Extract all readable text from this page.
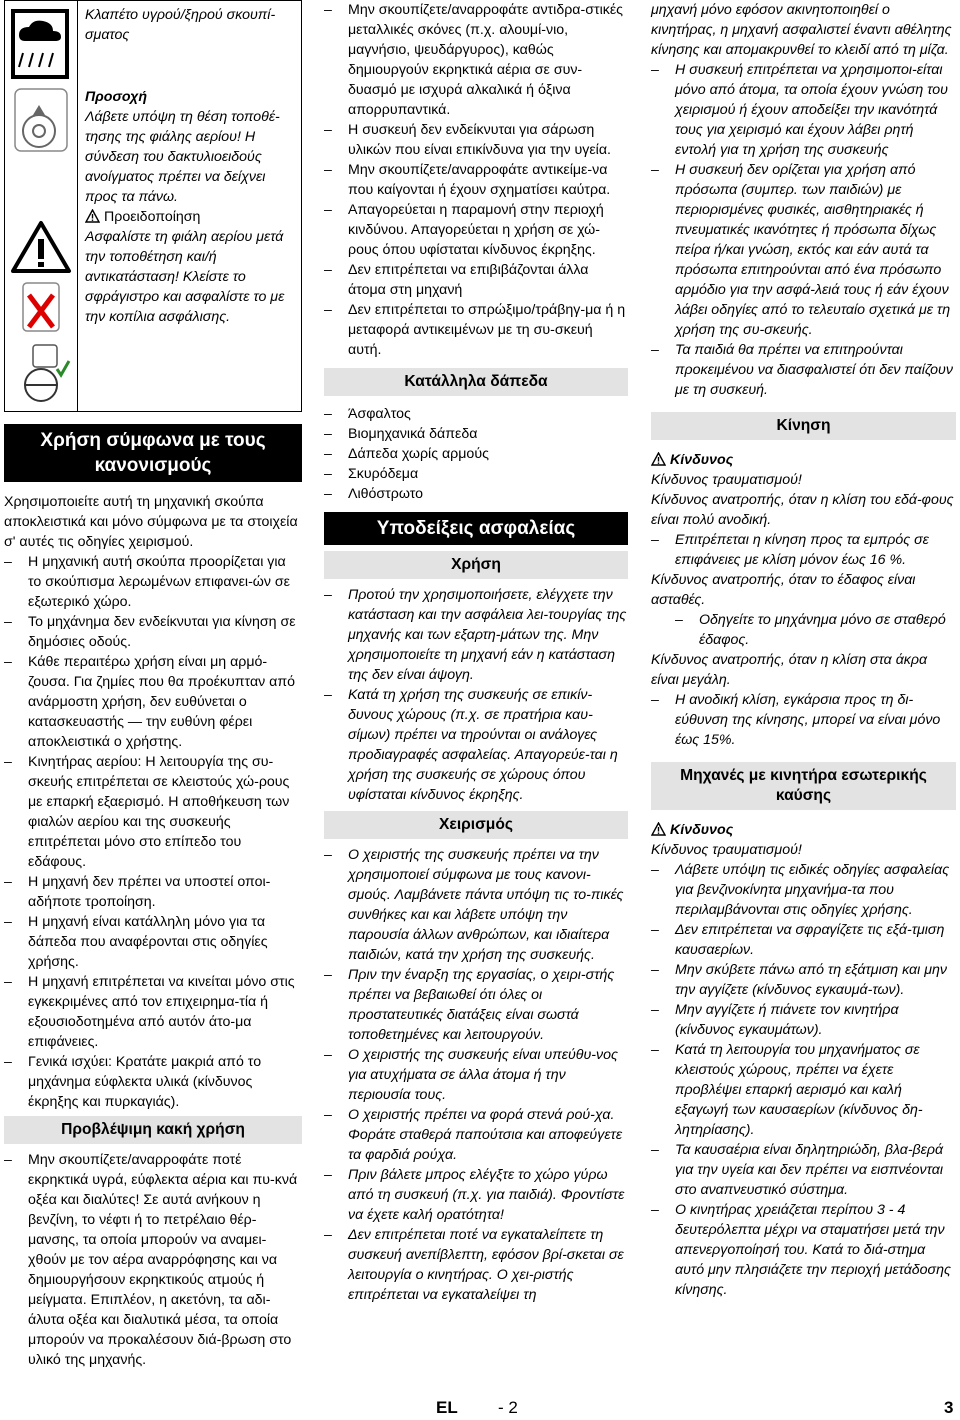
Κλαπέτο υγρού/ξηρού σκουπί-σματος

Προσοχή

Λάβετε υπόψη τη θέση τοποθέ-τησης της φιάλης αερίου! Η σύνδεση του δακτυλιοειδούς ανοίγματος πρέπει να δείχνει προς τα πάνω.

Προειδοποίηση

Ασφαλίστε τη φιάλη αερίου μετά την τοποθέτηση και/ή αντικατάσταση! Κλείστε το σφράγιστρο και ασφαλίστε το με την κοπίλια ασφάλισης.

Χρήση σύμφωνα με τους κανονισμούς

Χρησιμοποιείτε αυτή τη μηχανική σκούπα αποκλειστικά και μόνο σύμφωνα με τα στοιχεία σ' αυτές τις οδηγίες χειρισμού.

– Η μηχανική αυτή σκούπα προορίζεται για το σκούπισμα λερωμένων επιφανει-ών σε εξωτερικό χώρο.

– Το μηχάνημα δεν ενδείκνυται για κίνηση σε δημόσιες οδούς.

– Κάθε περαιτέρω χρήση είναι μη αρμό-ζουσα. Για ζημίες που θα προέκυπταν από ανάρμοστη χρήση, δεν ευθύνεται ο κατασκευαστής — την ευθύνη φέρει αποκλειστικά ο χρήστης.

– Κινητήρας αερίου: Η λειτουργία της συ-σκευής επιτρέπεται σε κλειστούς χώ-ρους με επαρκή εξαερισμό. Η αποθήκευση των φιαλών αερίου και της συσκευής επιτρέπεται μόνο στο επίπεδο του εδάφους.

– Η μηχανή δεν πρέπει να υποστεί οποι-αδήποτε τροποίηση.

– Η μηχανή είναι κατάλληλη μόνο για τα δάπεδα που αναφέρονται στις οδηγίες χρήσης.

– Η μηχανή επιτρέπεται να κινείται μόνο στις εγκεκριμένες από τον επιχειρημα-τία ή εξουσιοδοτημένα από αυτόν άτο-μα επιφάνειες.

– Γενικά ισχύει: Κρατάτε μακριά από το μηχάνημα εύφλεκτα υλικά (κίνδυνος έκρηξης και πυρκαγιάς).

Προβλέψιμη κακή χρήση

– Μην σκουπίζετε/αναρροφάτε ποτέ εκρηκτικά υγρά, εύφλεκτα αέρια και πυ-κνά οξέα και διαλύτες! Σε αυτά ανήκουν η βενζίνη, το νέφτι ή το πετρέλαιο θέρ-μανσης, τα οποία μπορούν να αναμει-χθούν με τον αέρα αναρρόφησης και να δημιουργήσουν εκρηκτικούς ατμούς ή μείγματα. Επιπλέον, η ακετόνη, τα αδι-άλυτα οξέα και διαλυτικά μέσα, τα οποία μπορούν να προκαλέσουν διά-βρωση στο υλικό της μηχανής.

– Μην σκουπίζετε/αναρροφάτε αντιδρα-στικές μεταλλικές σκόνες (π.χ. αλουμί-νιο, μαγνήσιο, ψευδάργυρος), καθώς δημιουργούν εκρηκτικά αέρια σε συν-δυασμό με ισχυρά αλκαλικά ή όξινα απορρυπαντικά.

– Η συσκευή δεν ενδείκνυται για σάρωση υλικών που είναι επικίνδυνα για την υγεία.

– Μην σκουπίζετε/αναρροφάτε αντικείμε-να που καίγονται ή έχουν σχηματίσει καύτρα.

– Απαγορεύεται η παραμονή στην περιοχή κινδύνου. Απαγορεύεται η χρήση σε χώ-ρους όπου υφίσταται κίνδυνος έκρηξης.

– Δεν επιτρέπεται να επιβιβάζονται άλλα άτομα στη μηχανή

– Δεν επιτρέπεται το σπρώξιμο/τράβηγ-μα ή η μεταφορά αντικειμένων με τη συ-σκευή αυτή.

Κατάλληλα δάπεδα

– Άσφαλτος

– Βιομηχανικά δάπεδα

– Δάπεδα χωρίς αρμούς

– Σκυρόδεμα

– Λιθόστρωτο

Υποδείξεις ασφαλείας
Χρήση

– Προτού την χρησιμοποιήσετε, ελέγχετε την κατάσταση και την ασφάλεια λει-τουργίας της μηχανής και των εξαρτη-μάτων της. Μην χρησιμοποιείτε τη μηχανή εάν η κατάσταση της δεν είναι άψογη.

– Κατά τη χρήση της συσκευής σε επικίν-δυνους χώρους (π.χ. σε πρατήρια καυ-σίμων) πρέπει να τηρούνται οι ανάλογες προδιαγραφές ασφαλείας. Απαγορεύε-ται η χρήση της συσκευής σε χώρους όπου υφίσταται κίνδυνος έκρηξης.

Χειρισμός

– Ο χειριστής της συσκευής πρέπει να την χρησιμοποιεί σύμφωνα με τους κανονι-σμούς. Λαμβάνετε πάντα υπόψη τις το-πικές συνθήκες και και λάβετε υπόψη την παρουσία άλλων ανθρώπων, και ιδιαίτερα παιδιών, κατά την χρήση της συσκευής.

– Πριν την έναρξη της εργασίας, ο χειρι-στής πρέπει να βεβαιωθεί ότι όλες οι προστατευτικές διατάξεις είναι σωστά τοποθετημένες και λειτουργούν.

– Ο χειριστής της συσκευής είναι υπεύθυ-νος για ατυχήματα σε άλλα άτομα ή την περιουσία τους.

– Ο χειριστής πρέπει να φορά στενά ρού-χα. Φοράτε σταθερά παπούτσια και αποφεύγετε τα φαρδιά ρούχα.

– Πριν βάλετε μπρος ελέγξτε το χώρο γύρω από τη συσκευή (π.χ. για παιδιά). Φροντίστε να έχετε καλή ορατότητα!

– Δεν επιτρέπεται ποτέ να εγκαταλείπετε τη συσκευή ανεπίβλεπτη, εφόσον βρί-σκεται σε λειτουργία ο κινητήρας. Ο χει-ριστής επιτρέπεται να εγκαταλείψει τη

μηχανή μόνο εφόσον ακινητοποιηθεί ο κινητήρας, η μηχανή ασφαλιστεί έναντι αθέλητης κίνησης και απομακρυνθεί το κλειδί από τη μίζα.

– Η συσκευή επιτρέπεται να χρησιμοποι-είται μόνο από άτομα, τα οποία έχουν γνώση του χειρισμού ή έχουν αποδείξει την ικανότητά τους για χειρισμό και έχουν λάβει ρητή εντολή για τη χρήση της συσκευής

– Η συσκευή δεν ορίζεται για χρήση από πρόσωπα (συμπερ. των παιδιών) με περιορισμένες φυσικές, αισθητηριακές ή πνευματικές ικανότητες ή πρόσωπα δίχως πείρα ή/και γνώση, εκτός και εάν αυτά τα πρόσωπα επιτηρούνται από ένα πρόσωπο αρμόδιο για την ασφά-λειά τους ή εάν έχουν λάβει οδηγίες από το τελευταίο σχετικά με τη χρήση της συ-σκευής.

– Τα παιδιά θα πρέπει να επιτηρούνται προκειμένου να διασφαλιστεί ότι δεν παίζουν με τη συσκευή.

Κίνηση

Κίνδυνος

Κίνδυνος τραυματισμού!

Κίνδυνος ανατροπής, όταν η κλίση του εδά-φους είναι πολύ ανοδική.

– Επιτρέπεται η κίνηση προς τα εμπρός σε επιφάνειες με κλίση μόνον έως 16 %.

Κίνδυνος ανατροπής, όταν το έδαφος είναι ασταθές.

– Οδηγείτε το μηχάνημα μόνο σε σταθερό έδαφος.

Κίνδυνος ανατροπής, όταν η κλίση στα άκρα είναι μεγάλη.

– Η ανοδική κλίση, εγκάρσια προς τη δι-εύθυνση της κίνησης, μπορεί να είναι μόνο έως 15%.

Μηχανές με κινητήρα εσωτερικής καύσης

Κίνδυνος

Κίνδυνος τραυματισμού!

– Λάβετε υπόψη τις ειδικές οδηγίες ασφαλείας για βενζινοκίνητα μηχανήμα-τα που περιλαμβάνονται στις οδηγίες χρήσης.

– Δεν επιτρέπεται να σφραγίζετε τις εξά-τμιση καυσαερίων.

– Μην σκύβετε πάνω από τη εξάτμιση και μην την αγγίζετε (κίνδυνος εγκαυμά-των).

– Μην αγγίζετε ή πιάνετε τον κινητήρα (κίνδυνος εγκαυμάτων).

– Κατά τη λειτουργία του μηχανήματος σε κλειστούς χώρους, πρέπει να έχετε προβλέψει επαρκή αερισμό και καλή εξαγωγή των καυσαερίων (κίνδυνος δη-λητηρίασης).

– Τα καυσαέρια είναι δηλητηριώδη, βλα-βερά για την υγεία και δεν πρέπει να εισπνέονται στο αναπνευστικό σύστημα.

– Ο κινητήρας χρειάζεται περίπου 3 - 4 δευτερόλεπτα μέχρι να σταματήσει μετά την απενεργοποίησή του. Κατά το διά-στημα αυτό μην πλησιάζετε την περιοχή μετάδοσης κίνησης.

EL - 2	3
